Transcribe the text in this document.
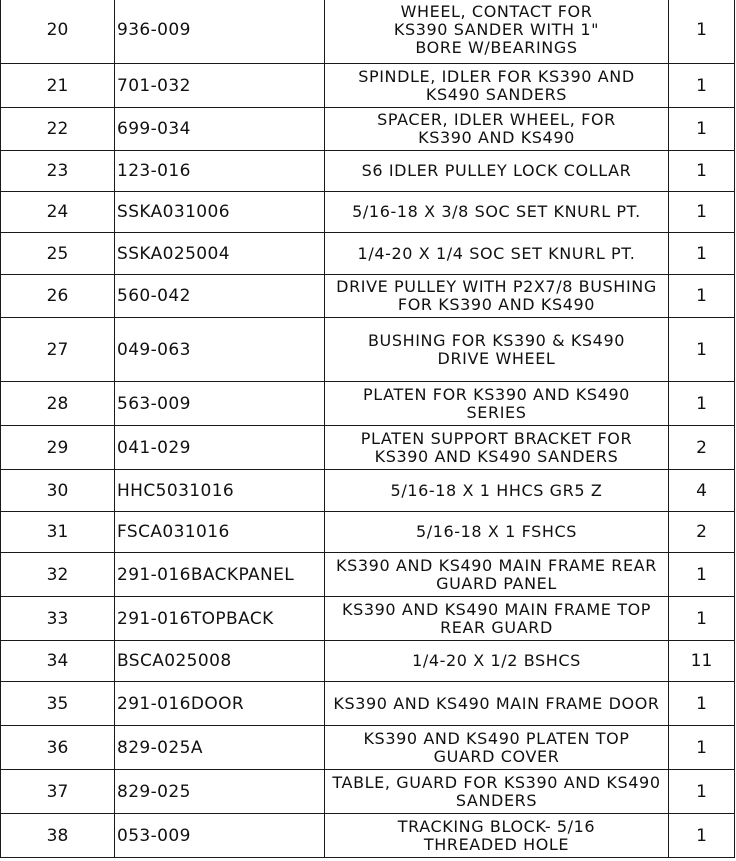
20	936-009	WHEEL, CONTACT FOR KS390 SANDER WITH 1" BORE W/BEARINGS	1
21	701-032	SPINDLE, IDLER FOR KS390 AND KS490 SANDERS	1
22	699-034	SPACER, IDLER WHEEL, FOR KS390 AND KS490	1
23	123-016	S6 IDLER PULLEY LOCK COLLAR	1
24	SSKA031006	5/16-18 X 3/8 SOC SET KNURL PT.	1
25	SSKA025004	1/4-20 X 1/4 SOC SET KNURL PT.	1
26	560-042	DRIVE PULLEY WITH P2X7/8 BUSHING FOR KS390 AND KS490	1
27	049-063	BUSHING FOR KS390 & KS490 DRIVE WHEEL	1
28	563-009	PLATEN FOR KS390 AND KS490 SERIES	1
29	041-029	PLATEN SUPPORT BRACKET FOR KS390 AND KS490 SANDERS	2
30	HHC5031016	5/16-18 X 1 HHCS GR5 Z	4
31	FSCA031016	5/16-18 X 1 FSHCS	2
32	291-016BACKPANEL	KS390 AND KS490 MAIN FRAME REAR GUARD PANEL	1
33	291-016TOPBACK	KS390 AND KS490 MAIN FRAME TOP REAR GUARD	1
34	BSCA025008	1/4-20 X 1/2 BSHCS	11
35	291-016DOOR	KS390 AND KS490 MAIN FRAME DOOR	1
36	829-025A	KS390 AND KS490 PLATEN TOP GUARD COVER	1
37	829-025	TABLE, GUARD FOR KS390 AND KS490 SANDERS	1
38	053-009	TRACKING BLOCK- 5/16 THREADED HOLE	1
